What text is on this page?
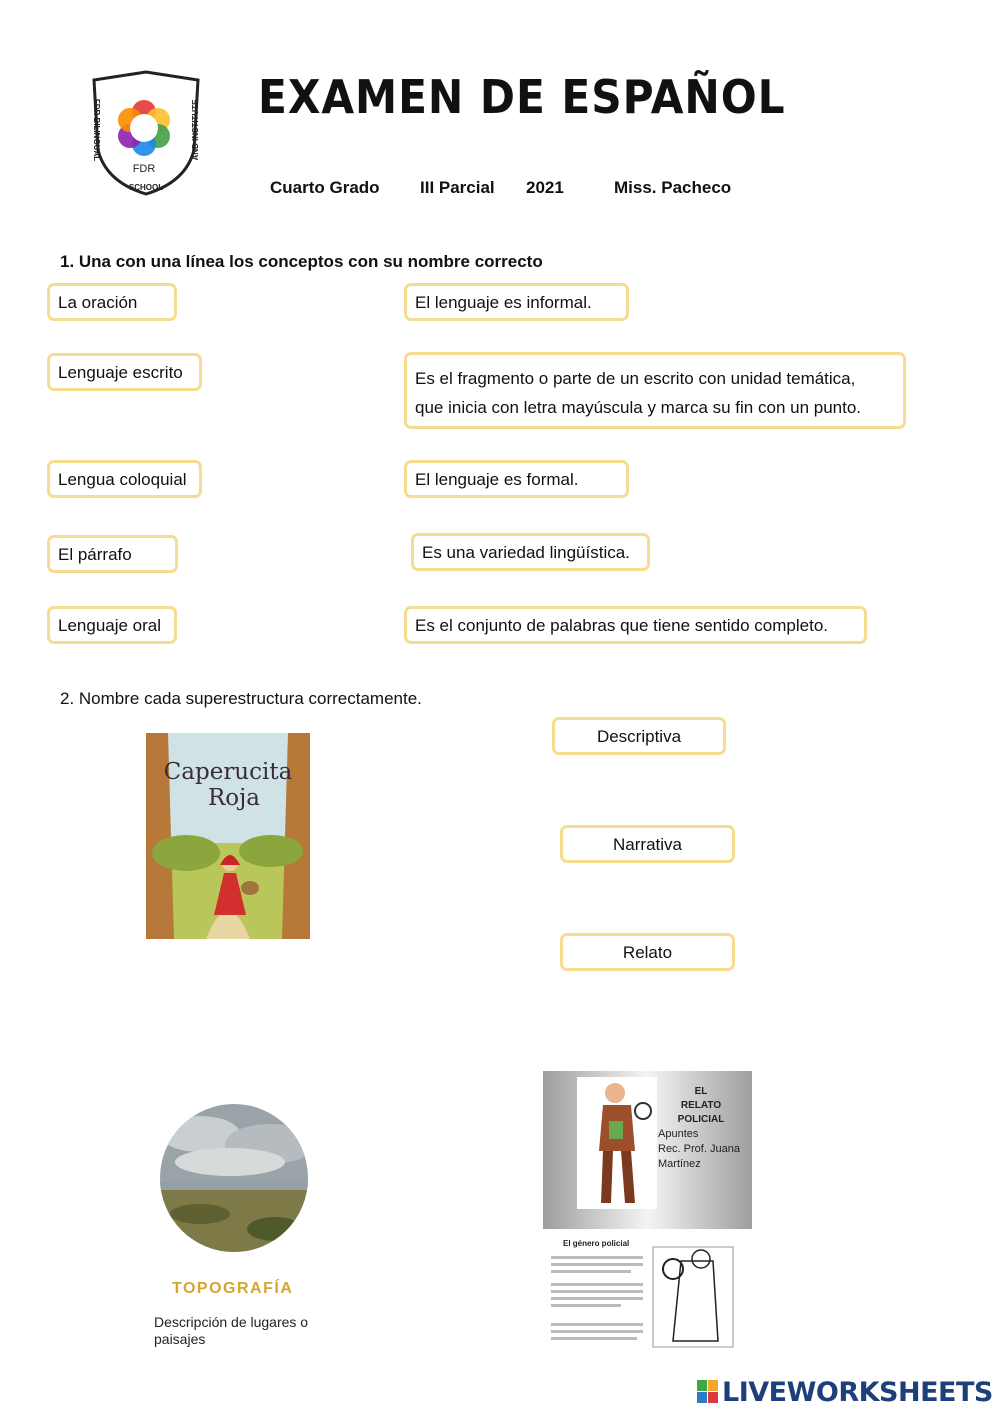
FDR
FDR BILINGUAL	AND INSTITUTE
SCHOOL
EXAMEN DE ESPAÑOL
Cuarto Grado III Parcial 2021	Miss. Pacheco
1. Una con una línea los conceptos con su nombre correcto
La oración
Lenguaje escrito
Lengua coloquial
El párrafo
Lenguaje oral
El lenguaje es informal.
Es el fragmento o parte de un escrito con unidad temática,
que inicia con letra mayúscula y marca su fin con un punto.
El lenguaje es formal.
Es una variedad lingüística.
Es el conjunto de palabras que tiene sentido completo.
2. Nombre cada superestructura correctamente.
Descriptiva
Narrativa
Relato
Caperucita
Roja
TOPOGRAFÍA
Descripción de lugares o paisajes
EL
RELATO
POLICIAL
Apuntes
Rec. Prof. Juana
Martínez
El género policial
LIVEWORKSHEETS
